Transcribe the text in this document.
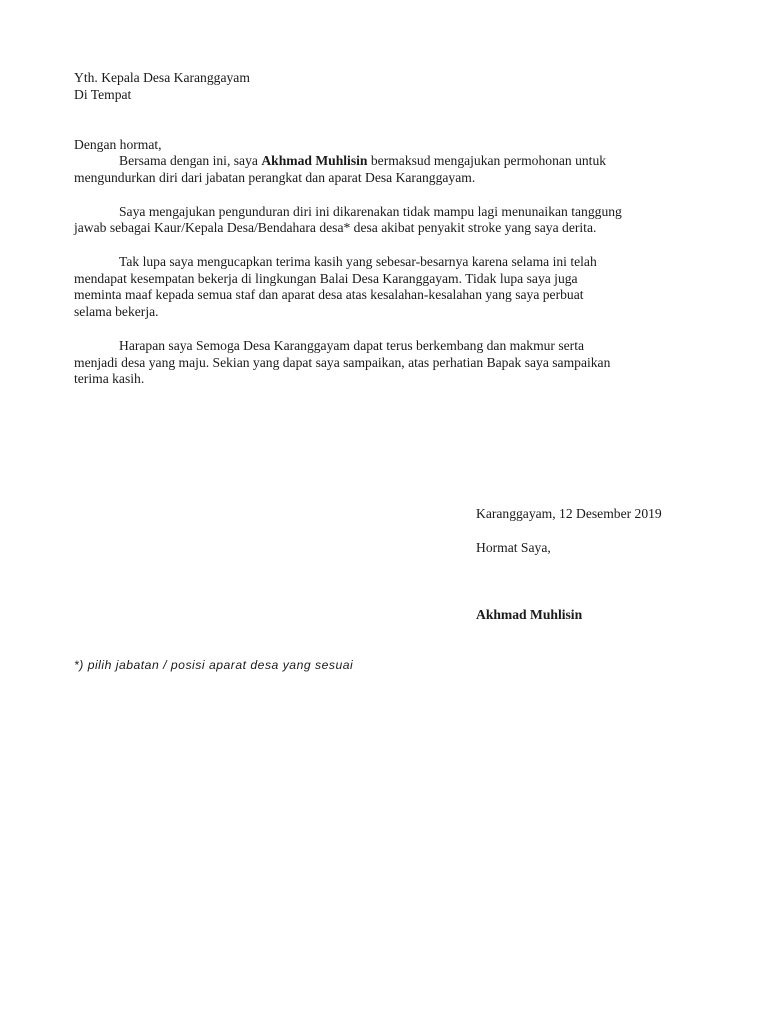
Yth. Kepala Desa Karanggayam
Di Tempat
Dengan hormat,
Bersama dengan ini, saya Akhmad Muhlisin bermaksud mengajukan permohonan untuk
mengundurkan diri dari jabatan perangkat dan aparat Desa Karanggayam.
Saya mengajukan pengunduran diri ini dikarenakan tidak mampu lagi menunaikan tanggung
jawab sebagai Kaur/Kepala Desa/Bendahara desa* desa akibat penyakit stroke yang saya derita.
Tak lupa saya mengucapkan terima kasih yang sebesar-besarnya karena selama ini telah
mendapat kesempatan bekerja di lingkungan Balai Desa Karanggayam. Tidak lupa saya juga
meminta maaf kepada semua staf dan aparat desa atas kesalahan-kesalahan yang saya perbuat
selama bekerja.
Harapan saya Semoga Desa Karanggayam dapat terus berkembang dan makmur serta
menjadi desa yang maju. Sekian yang dapat saya sampaikan, atas perhatian Bapak saya sampaikan
terima kasih.
Karanggayam, 12 Desember 2019
Hormat Saya,
Akhmad Muhlisin
*) pilih jabatan / posisi aparat desa yang sesuai
